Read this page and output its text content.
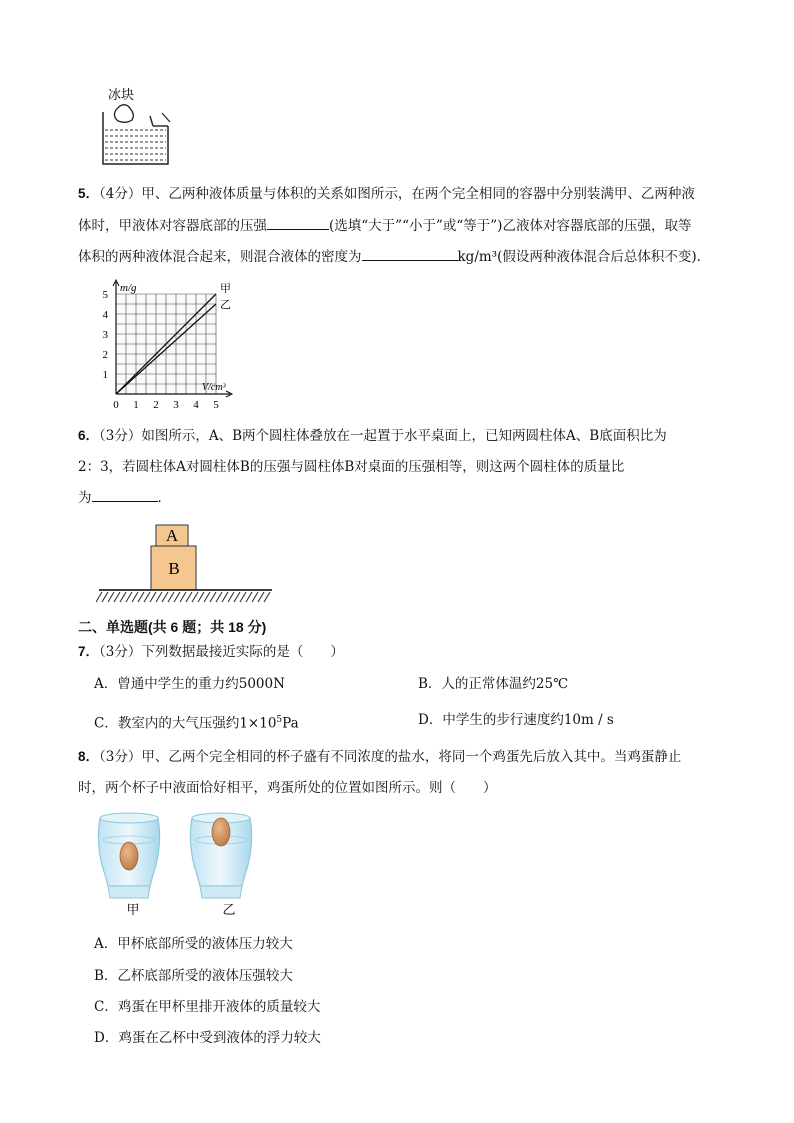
冰块
5．（4分）甲、乙两种液体质量与体积的关系如图所示，在两个完全相同的容器中分别装满甲、乙两种液
体时，甲液体对容器底部的压强	(选填“大于”“小于”或“等于”)乙液体对容器底部的压强，取等
体积的两种液体混合起来，则混合液体的密度为	kg/m³(假设两种液体混合后总体积不变)．
0 1 2 3 4 5
1
2
3
4
5
m/g
V/cm³
甲
乙
6．（3分）如图所示，A、B两个圆柱体叠放在一起置于水平桌面上，已知两圆柱体A、B底面积比为
2：3，若圆柱体A对圆柱体B的压强与圆柱体B对桌面的压强相等，则这两个圆柱体的质量比
为	．
A
B
二、单选题(共 6 题；共 18 分)
7．（3分）下列数据最接近实际的是（　　）
A．曾通中学生的重力约5000N	B．人的正常体温约25℃
C．教室内的大气压强约$1\times 10^5Pa$	D．中学生的步行速度约10m / s
8．（3分）甲、乙两个完全相同的杯子盛有不同浓度的盐水，将同一个鸡蛋先后放入其中。当鸡蛋静止
时，两个杯子中液面恰好相平，鸡蛋所处的位置如图所示。则（　　）
甲	乙
A．甲杯底部所受的液体压力较大
B．乙杯底部所受的液体压强较大
C．鸡蛋在甲杯里排开液体的质量较大
D．鸡蛋在乙杯中受到液体的浮力较大
